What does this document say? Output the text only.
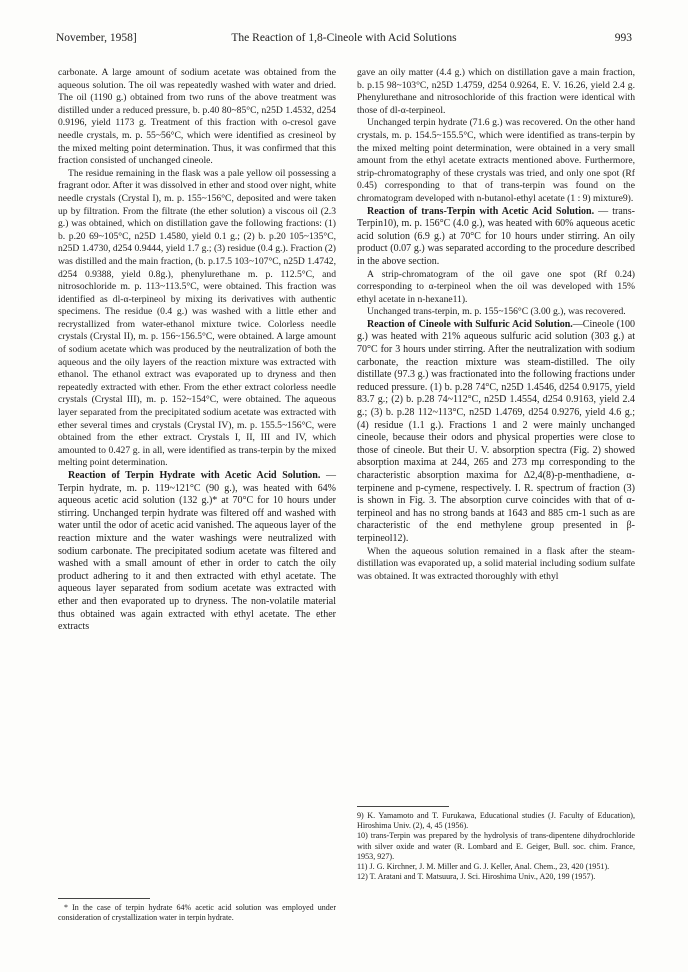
November, 1958]	The Reaction of 1,8-Cineole with Acid Solutions	993

carbonate. A large amount of sodium acetate was obtained from the aqueous solution. The oil was repeatedly washed with water and dried. The oil (1190 g.) obtained from two runs of the above treatment was distilled under a reduced pressure, b. p.40 80~85°C, n25D 1.4532, d254 0.9196, yield 1173 g. Treatment of this fraction with o-cresol gave needle crystals, m. p. 55~56°C, which were identified as cresineol by the mixed melting point determination. Thus, it was confirmed that this fraction consisted of unchanged cineole.

The residue remaining in the flask was a pale yellow oil possessing a fragrant odor. After it was dissolved in ether and stood over night, white needle crystals (Crystal I), m. p. 155~156°C, deposited and were taken up by filtration. From the filtrate (the ether solution) a viscous oil (2.3 g.) was obtained, which on distillation gave the following fractions: (1) b. p.20 69~105°C, n25D 1.4580, yield 0.1 g.; (2) b. p.20 105~135°C, n25D 1.4730, d254 0.9444, yield 1.7 g.; (3) residue (0.4 g.). Fraction (2) was distilled and the main fraction, (b. p.17.5 103~107°C, n25D 1.4742, d254 0.9388, yield 0.8g.), phenylurethane m. p. 112.5°C, and nitrosochloride m. p. 113~113.5°C, were obtained. This fraction was identified as dl-α-terpineol by mixing its derivatives with authentic specimens. The residue (0.4 g.) was washed with a little ether and recrystallized from water-ethanol mixture twice. Colorless needle crystals (Crystal II), m. p. 156~156.5°C, were obtained. A large amount of sodium acetate which was produced by the neutralization of both the aqueous and the oily layers of the reaction mixture was extracted with ethanol. The ethanol extract was evaporated up to dryness and then repeatedly extracted with ether. From the ether extract colorless needle crystals (Crystal III), m. p. 152~154°C, were obtained. The aqueous layer separated from the precipitated sodium acetate was extracted with ether several times and crystals (Crystal IV), m. p. 155.5~156°C, were obtained from the ether extract. Crystals I, II, III and IV, which amounted to 0.427 g. in all, were identified as trans-terpin by the mixed melting point determination.

Reaction of Terpin Hydrate with Acetic Acid Solution. — Terpin hydrate, m. p. 119~121°C (90 g.), was heated with 64% aqueous acetic acid solution (132 g.)* at 70°C for 10 hours under stirring. Unchanged terpin hydrate was filtered off and washed with water until the odor of acetic acid vanished. The aqueous layer of the reaction mixture and the water washings were neutralized with sodium carbonate. The precipitated sodium acetate was filtered and washed with a small amount of ether in order to catch the oily product adhering to it and then extracted with ethyl acetate. The aqueous layer separated from sodium acetate was extracted with ether and then evaporated up to dryness. The non-volatile material thus obtained was again extracted with ethyl acetate. The ether extracts

* In the case of terpin hydrate 64% acetic acid solution was employed under consideration of crystallization water in terpin hydrate.

gave an oily matter (4.4 g.) which on distillation gave a main fraction, b. p.15 98~103°C, n25D 1.4759, d254 0.9264, E. V. 16.26, yield 2.4 g. Phenylurethane and nitrosochloride of this fraction were identical with those of dl-α-terpineol.

Unchanged terpin hydrate (71.6 g.) was recovered. On the other hand crystals, m. p. 154.5~155.5°C, which were identified as trans-terpin by the mixed melting point determination, were obtained in a very small amount from the ethyl acetate extracts mentioned above. Furthermore, strip-chromatography of these crystals was tried, and only one spot (Rf 0.45) corresponding to that of trans-terpin was found on the chromatogram developed with n-butanol-ethyl acetate (1 : 9) mixture9).

Reaction of trans-Terpin with Acetic Acid Solution. — trans-Terpin10), m. p. 156°C (4.0 g.), was heated with 60% aqueous acetic acid solution (6.9 g.) at 70°C for 10 hours under stirring. An oily product (0.07 g.) was separated according to the procedure described in the above section.

A strip-chromatogram of the oil gave one spot (Rf 0.24) corresponding to α-terpineol when the oil was developed with 15% ethyl acetate in n-hexane11).

Unchanged trans-terpin, m. p. 155~156°C (3.00 g.), was recovered.

Reaction of Cineole with Sulfuric Acid Solution.—Cineole (100 g.) was heated with 21% aqueous sulfuric acid solution (303 g.) at 70°C for 3 hours under stirring. After the neutralization with sodium carbonate, the reaction mixture was steam-distilled. The oily distillate (97.3 g.) was fractionated into the following fractions under reduced pressure. (1) b. p.28 74°C, n25D 1.4546, d254 0.9175, yield 83.7 g.; (2) b. p.28 74~112°C, n25D 1.4554, d254 0.9163, yield 2.4 g.; (3) b. p.28 112~113°C, n25D 1.4769, d254 0.9276, yield 4.6 g.; (4) residue (1.1 g.). Fractions 1 and 2 were mainly unchanged cineole, because their odors and physical properties were close to those of cineole. But their U. V. absorption spectra (Fig. 2) showed absorption maxima at 244, 265 and 273 mμ corresponding to the characteristic absorption maxima for Δ2,4(8)-p-menthadiene, α-terpinene and p-cymene, respectively. I. R. spectrum of fraction (3) is shown in Fig. 3. The absorption curve coincides with that of α-terpineol and has no strong bands at 1643 and 885 cm-1 such as are characteristic of the end methylene group presented in β-terpineol12).

When the aqueous solution remained in a flask after the steam-distillation was evaporated up, a solid material including sodium sulfate was obtained. It was extracted thoroughly with ethyl

9) K. Yamamoto and T. Furukawa, Educational studies (J. Faculty of Education), Hiroshima Univ. (2), 4, 45 (1956).
10) trans-Terpin was prepared by the hydrolysis of trans-dipentene dihydrochloride with silver oxide and water (R. Lombard and E. Geiger, Bull. soc. chim. France, 1953, 927).
11) J. G. Kirchner, J. M. Miller and G. J. Keller, Anal. Chem., 23, 420 (1951).
12) T. Aratani and T. Matsuura, J. Sci. Hiroshima Univ., A20, 199 (1957).
